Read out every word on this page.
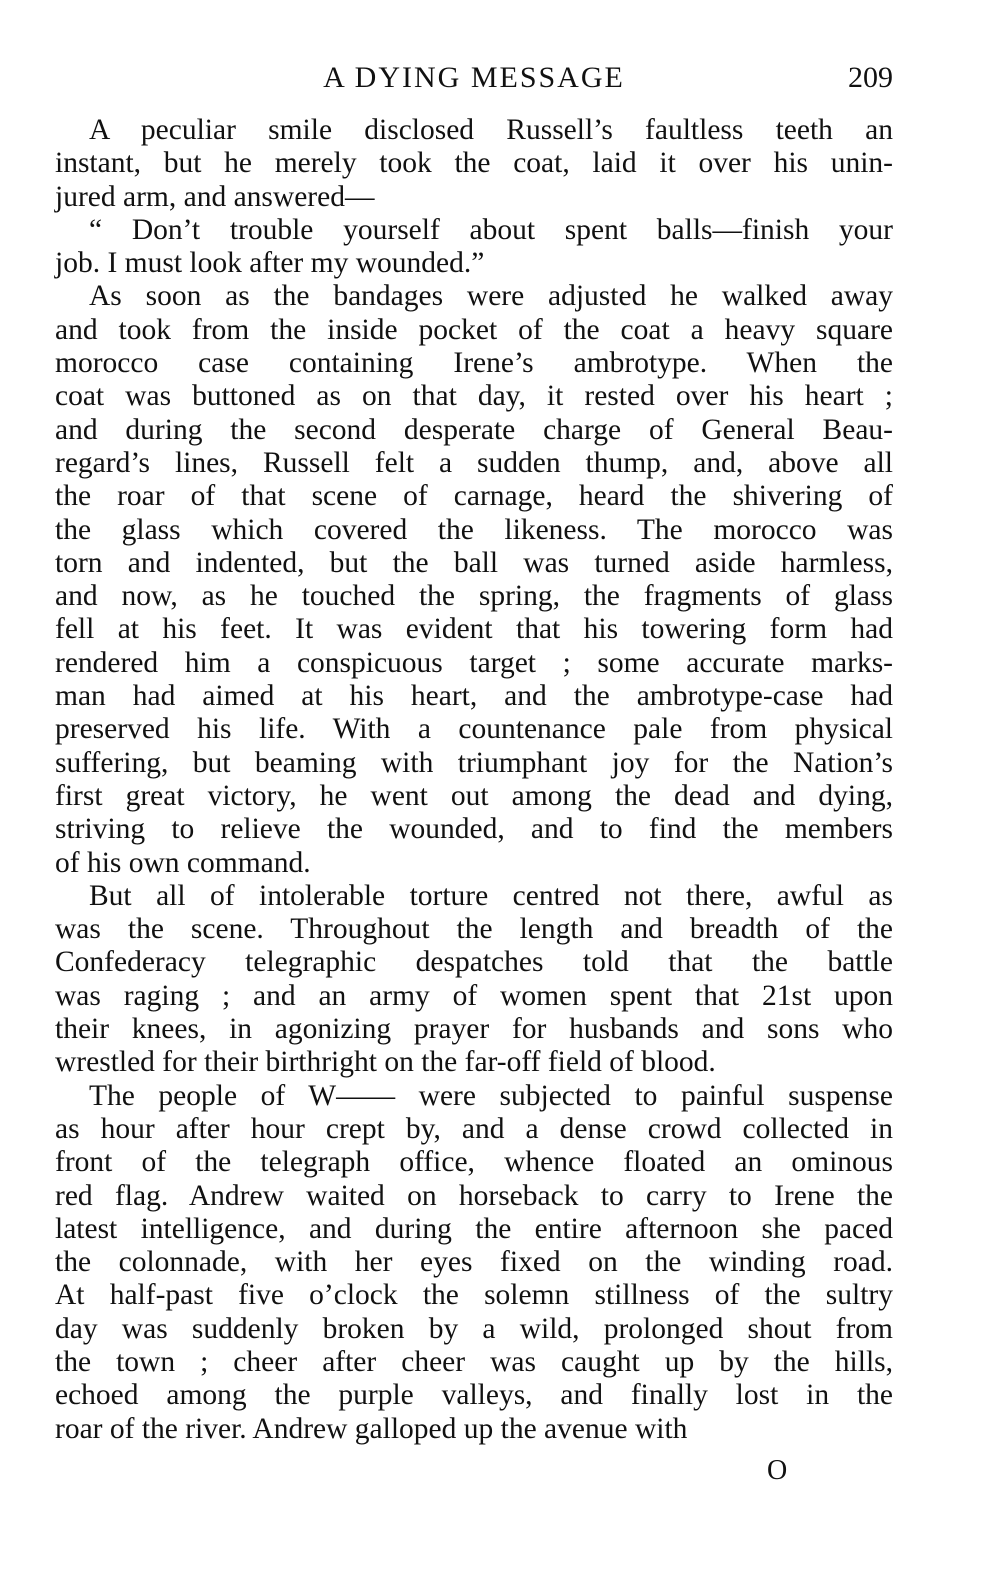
A DYING MESSAGE	209
A peculiar smile disclosed Russell’s faultless teeth an
instant, but he merely took the coat, laid it over his unin-
jured arm, and answered—
“ Don’t trouble yourself about spent balls—finish your
job. I must look after my wounded.”
As soon as the bandages were adjusted he walked away
and took from the inside pocket of the coat a heavy square
morocco case containing Irene’s ambrotype. When the
coat was buttoned as on that day, it rested over his heart ;
and during the second desperate charge of General Beau-
regard’s lines, Russell felt a sudden thump, and, above all
the roar of that scene of carnage, heard the shivering of
the glass which covered the likeness. The morocco was
torn and indented, but the ball was turned aside harmless,
and now, as he touched the spring, the fragments of glass
fell at his feet. It was evident that his towering form had
rendered him a conspicuous target ; some accurate marks-
man had aimed at his heart, and the ambrotype-case had
preserved his life. With a countenance pale from physical
suffering, but beaming with triumphant joy for the Nation’s
first great victory, he went out among the dead and dying,
striving to relieve the wounded, and to find the members
of his own command.
But all of intolerable torture centred not there, awful as
was the scene. Throughout the length and breadth of the
Confederacy telegraphic despatches told that the battle
was raging ; and an army of women spent that 21st upon
their knees, in agonizing prayer for husbands and sons who
wrestled for their birthright on the far-off field of blood.
The people of W—— were subjected to painful suspense
as hour after hour crept by, and a dense crowd collected in
front of the telegraph office, whence floated an ominous
red flag. Andrew waited on horseback to carry to Irene the
latest intelligence, and during the entire afternoon she paced
the colonnade, with her eyes fixed on the winding road.
At half-past five o’clock the solemn stillness of the sultry
day was suddenly broken by a wild, prolonged shout from
the town ; cheer after cheer was caught up by the hills,
echoed among the purple valleys, and finally lost in the
roar of the river. Andrew galloped up the avenue with
O
